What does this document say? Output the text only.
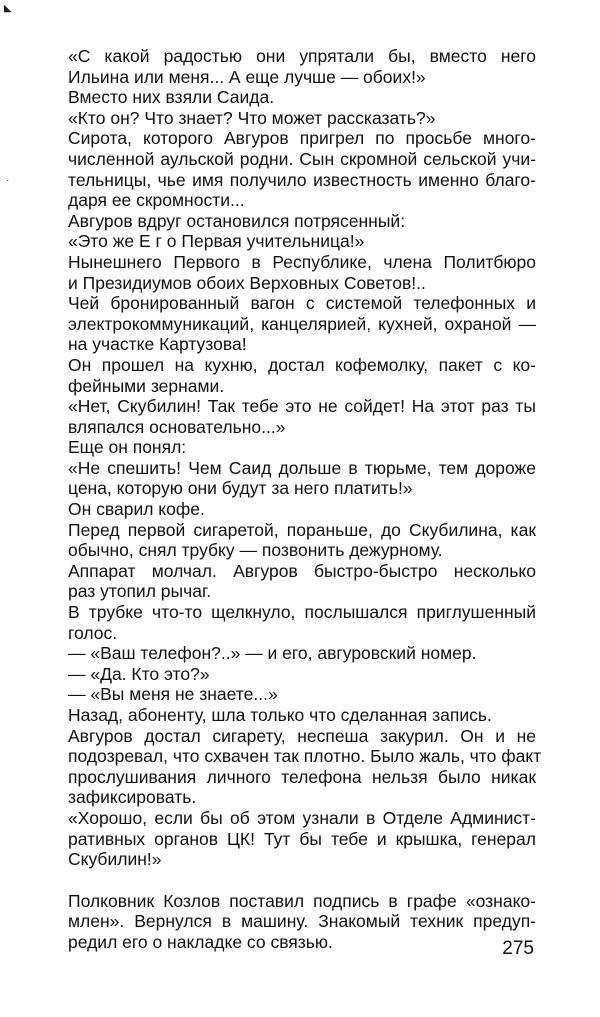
◣
·
«С какой радостью они упрятали бы, вместо него
Ильина или меня... А еще лучше — обоих!»
Вместо них взяли Саида.
«Кто он? Что знает? Что может рассказать?»
Сирота, которого Авгуров пригрел по просьбе много-
численной аульской родни. Сын скромной сельской учи-
тельницы, чье имя получило известность именно благо-
даря ее скромности...
Авгуров вдруг остановился потрясенный:
«Это же Е г о Первая учительница!»
Нынешнего Первого в Республике, члена Политбюро
и Президиумов обоих Верховных Советов!..
Чей бронированный вагон с системой телефонных и
электрокоммуникаций, канцелярией, кухней, охраной —
на участке Картузова!
Он прошел на кухню, достал кофемолку, пакет с ко-
фейными зернами.
«Нет, Скубилин! Так тебе это не сойдет! На этот раз ты
вляпался основательно...»
Еще он понял:
«Не спешить! Чем Саид дольше в тюрьме, тем дороже
цена, которую они будут за него платить!»
Он сварил кофе.
Перед первой сигаретой, пораньше, до Скубилина, как
обычно, снял трубку — позвонить дежурному.
Аппарат молчал. Авгуров быстро-быстро несколько
раз утопил рычаг.
В трубке что-то щелкнуло, послышался приглушенный
голос.
— «Ваш телефон?..» — и его, авгуровский номер.
— «Да. Кто это?»
— «Вы меня не знаете...»
Назад, абоненту, шла только что сделанная запись.
Авгуров достал сигарету, неспеша закурил. Он и не
подозревал, что схвачен так плотно. Было жаль, что факт
прослушивания личного телефона нельзя было никак
зафиксировать.
«Хорошо, если бы об этом узнали в Отделе Админист-
ративных органов ЦК! Тут бы тебе и крышка, генерал
Скубилин!»
Полковник Козлов поставил подпись в графе «ознако-
млен». Вернулся в машину. Знакомый техник предуп-
редил его о накладке со связью.	275
